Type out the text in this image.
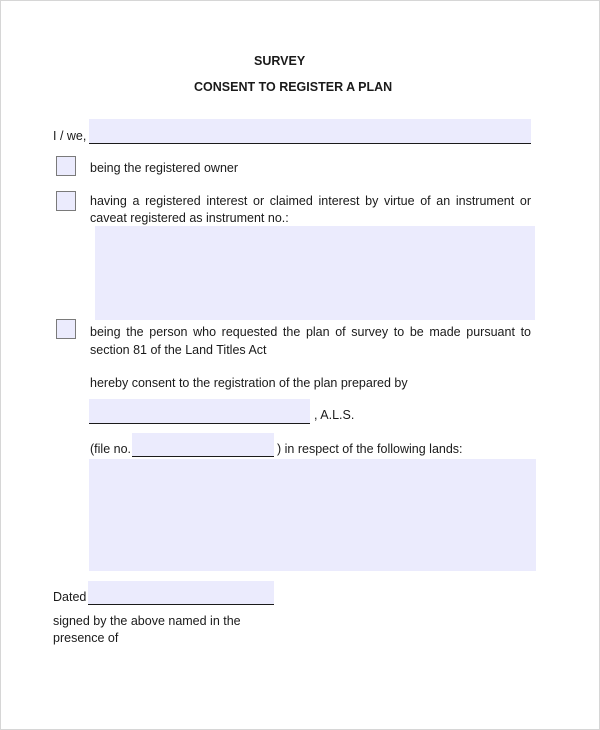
SURVEY
CONSENT TO REGISTER A PLAN
I / we,
being the registered owner
having a registered interest or claimed interest by virtue of an instrument or
caveat registered as instrument no.:
being the person who requested the plan of survey to be made pursuant to
section 81 of the Land Titles Act
hereby consent to the registration of the plan prepared by
, A.L.S.
(file no.	) in respect of the following lands:
Dated
signed by the above named in the
presence of
